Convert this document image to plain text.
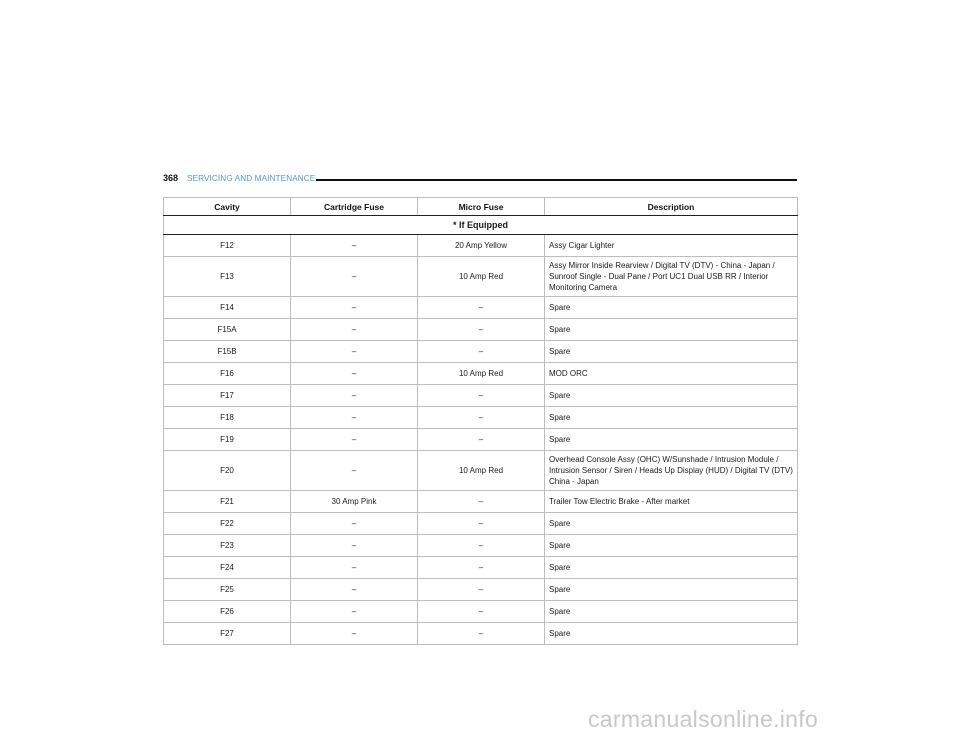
368 SERVICING AND MAINTENANCE
Cavity	Cartridge Fuse	Micro Fuse	Description
* If Equipped			
F12	–	20 Amp Yellow	Assy Cigar Lighter
F13	–	10 Amp Red	Assy Mirror Inside Rearview / Digital TV (DTV) - China - Japan / Sunroof Single - Dual Pane / Port UC1 Dual USB RR / Interior Monitoring Camera
F14	–	–	Spare
F15A	–	–	Spare
F15B	–	–	Spare
F16	–	10 Amp Red	MOD ORC
F17	–	–	Spare
F18	–	–	Spare
F19	–	–	Spare
F20	–	10 Amp Red	Overhead Console Assy (OHC) W/Sunshade / Intrusion Module / Intrusion Sensor / Siren / Heads Up Display (HUD) / Digital TV (DTV) China - Japan
F21	30 Amp Pink	–	Trailer Tow Electric Brake - After market
F22	–	–	Spare
F23	–	–	Spare
F24	–	–	Spare
F25	–	–	Spare
F26	–	–	Spare
F27	–	–	Spare
carmanualsonline.info
